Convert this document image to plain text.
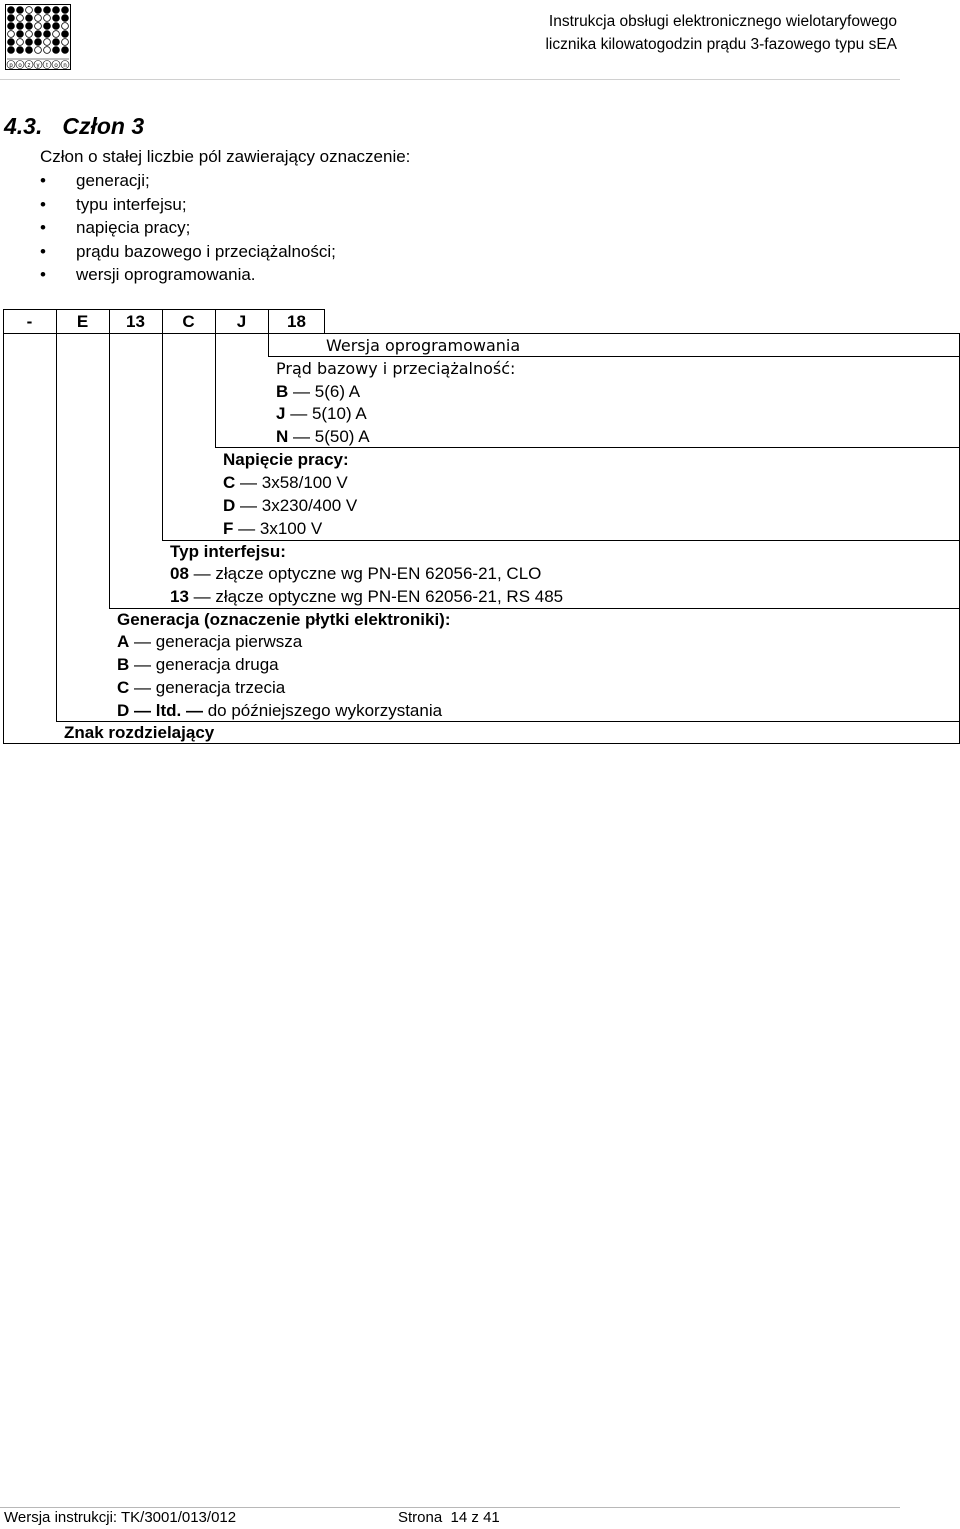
p o z y t o n
Instrukcja obsługi elektronicznego wielotaryfowego
licznika kilowatogodzin prądu 3-fazowego typu sEA
4.3. Człon 3
Człon o stałej liczbie pól zawierający oznaczenie:
• generacji;
• typu interfejsu;
• napięcia pracy;
• prądu bazowego i przeciążalności;
• wersji oprogramowania.
-	E	13	C	J	18
Wersja oprogramowania
Prąd bazowy i przeciążalność:
B — 5(6) A
J — 5(10) A
N — 5(50) A
Napięcie pracy:
C — 3x58/100 V
D — 3x230/400 V
F — 3x100 V
Typ interfejsu:
08 — złącze optyczne wg PN-EN 62056-21, CLO
13 — złącze optyczne wg PN-EN 62056-21, RS 485
Generacja (oznaczenie płytki elektroniki):
A — generacja pierwsza
B — generacja druga
C — generacja trzecia
D — ltd. — do późniejszego wykorzystania
Znak rozdzielający
Wersja instrukcji: TK/3001/013/012	Strona 14 z 41
